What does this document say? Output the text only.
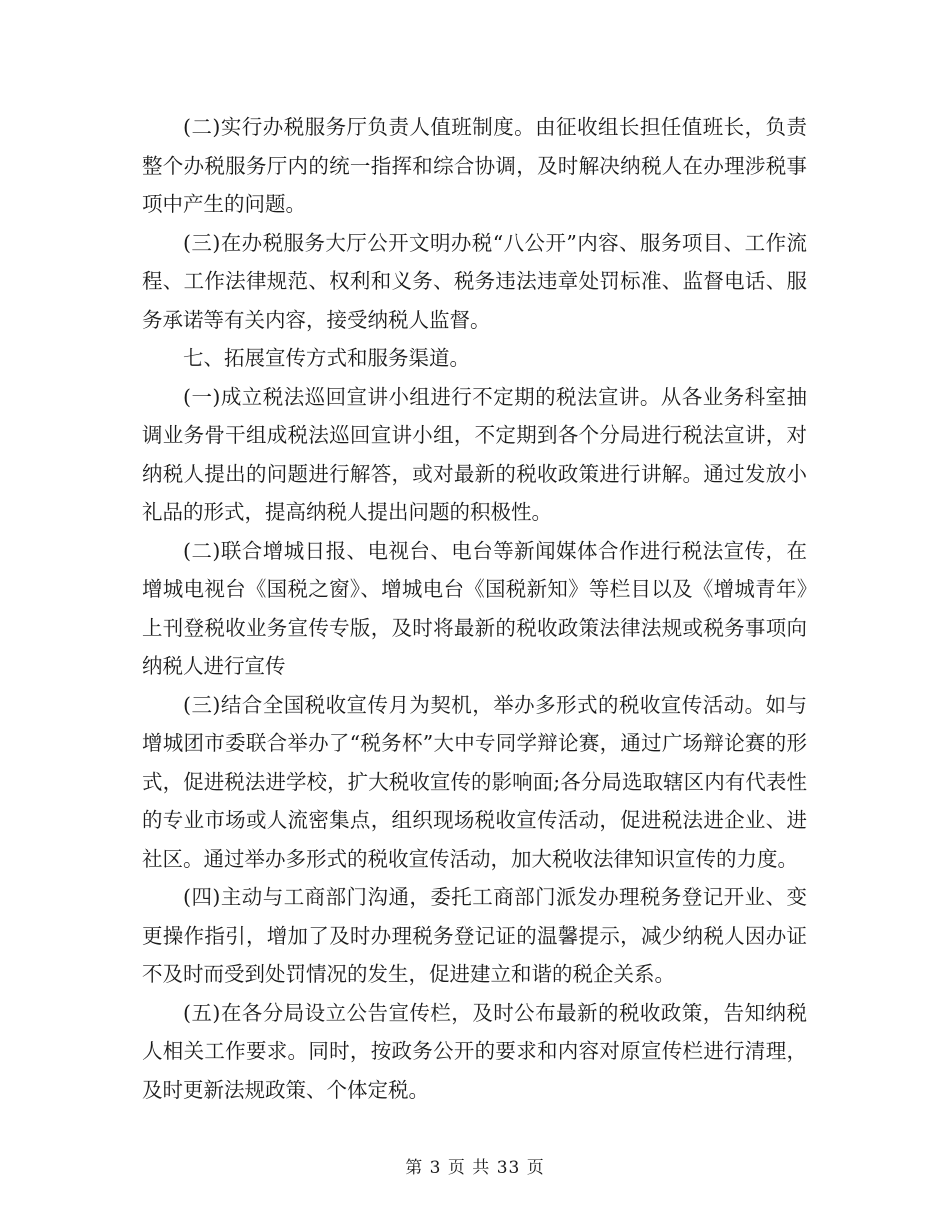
(二)实行办税服务厅负责人值班制度。由征收组长担任值班长，负责整个办税服务厅内的统一指挥和综合协调，及时解决纳税人在办理涉税事项中产生的问题。

(三)在办税服务大厅公开文明办税“八公开”内容、服务项目、工作流程、工作法律规范、权利和义务、税务违法违章处罚标准、监督电话、服务承诺等有关内容，接受纳税人监督。

七、拓展宣传方式和服务渠道。

(一)成立税法巡回宣讲小组进行不定期的税法宣讲。从各业务科室抽调业务骨干组成税法巡回宣讲小组，不定期到各个分局进行税法宣讲，对纳税人提出的问题进行解答，或对最新的税收政策进行讲解。通过发放小礼品的形式，提高纳税人提出问题的积极性。

(二)联合增城日报、电视台、电台等新闻媒体合作进行税法宣传，在增城电视台《国税之窗》、增城电台《国税新知》等栏目以及《增城青年》上刊登税收业务宣传专版，及时将最新的税收政策法律法规或税务事项向纳税人进行宣传

(三)结合全国税收宣传月为契机，举办多形式的税收宣传活动。如与增城团市委联合举办了“税务杯”大中专同学辩论赛，通过广场辩论赛的形式，促进税法进学校，扩大税收宣传的影响面;各分局选取辖区内有代表性的专业市场或人流密集点，组织现场税收宣传活动，促进税法进企业、进社区。通过举办多形式的税收宣传活动，加大税收法律知识宣传的力度。

(四)主动与工商部门沟通，委托工商部门派发办理税务登记开业、变更操作指引，增加了及时办理税务登记证的温馨提示，减少纳税人因办证不及时而受到处罚情况的发生，促进建立和谐的税企关系。

(五)在各分局设立公告宣传栏，及时公布最新的税收政策，告知纳税人相关工作要求。同时，按政务公开的要求和内容对原宣传栏进行清理，及时更新法规政策、个体定税。

第 3 页 共 33 页
